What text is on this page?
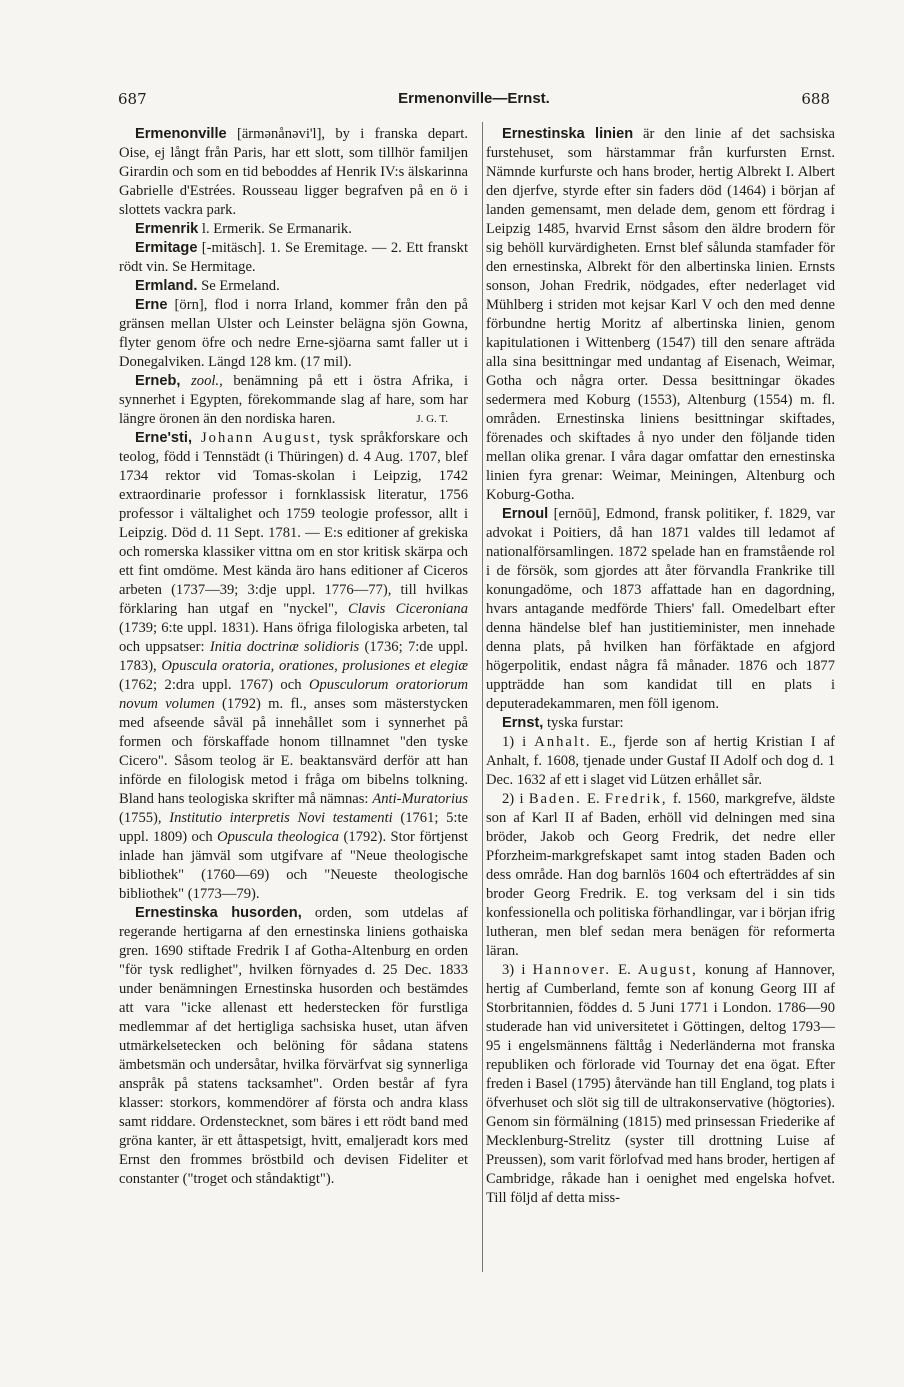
687	Ermenonville—Ernst.	688

Ermenonville [ärmənånəvi'l], by i franska depart. Oise, ej långt från Paris, har ett slott, som tillhör familjen Girardin och som en tid beboddes af Henrik IV:s älskarinna Gabrielle d'Estrées. Rousseau ligger begrafven på en ö i slottets vackra park.

Ermenrik l. Ermerik. Se Ermanarik.

Ermitage [-mitäsch]. 1. Se Eremitage. — 2. Ett franskt rödt vin. Se Hermitage.

Ermland. Se Ermeland.

Erne [örn], flod i norra Irland, kommer från den på gränsen mellan Ulster och Leinster belägna sjön Gowna, flyter genom öfre och nedre Erne-sjöarna samt faller ut i Donegalviken. Längd 128 km. (17 mil).

Erneb, zool., benämning på ett i östra Afrika, i synnerhet i Egypten, förekommande slag af hare, som har längre öronen än den nordiska haren.	J. G. T.

Erne'sti, Johann August, tysk språkforskare och teolog, född i Tennstädt (i Thüringen) d. 4 Aug. 1707, blef 1734 rektor vid Tomas-skolan i Leipzig, 1742 extraordinarie professor i fornklassisk literatur, 1756 professor i vältalighet och 1759 teologie professor, allt i Leipzig. Död d. 11 Sept. 1781. — E:s editioner af grekiska och romerska klassiker vittna om en stor kritisk skärpa och ett fint omdöme. Mest kända äro hans editioner af Ciceros arbeten (1737—39; 3:dje uppl. 1776—77), till hvilkas förklaring han utgaf en "nyckel", Clavis Ciceroniana (1739; 6:te uppl. 1831). Hans öfriga filologiska arbeten, tal och uppsatser: Initia doctrinæ solidioris (1736; 7:de uppl. 1783), Opuscula oratoria, orationes, prolusiones et elegiæ (1762; 2:dra uppl. 1767) och Opusculorum oratoriorum novum volumen (1792) m. fl., anses som mästerstycken med afseende såväl på innehållet som i synnerhet på formen och förskaffade honom tillnamnet "den tyske Cicero". Såsom teolog är E. beaktansvärd derför att han införde en filologisk metod i fråga om bibelns tolkning. Bland hans teologiska skrifter må nämnas: Anti-Muratorius (1755), Institutio interpretis Novi testamenti (1761; 5:te uppl. 1809) och Opuscula theologica (1792). Stor förtjenst inlade han jämväl som utgifvare af "Neue theologische bibliothek" (1760—69) och "Neueste theologische bibliothek" (1773—79).

Ernestinska husorden, orden, som utdelas af regerande hertigarna af den ernestinska liniens gothaiska gren. 1690 stiftade Fredrik I af Gotha-Altenburg en orden "för tysk redlighet", hvilken förnyades d. 25 Dec. 1833 under benämningen Ernestinska husorden och bestämdes att vara "icke allenast ett hederstecken för furstliga medlemmar af det hertigliga sachsiska huset, utan äfven utmärkelsetecken och belöning för sådana statens ämbetsmän och undersåtar, hvilka förvärfvat sig synnerliga anspråk på statens tacksamhet". Orden består af fyra klasser: storkors, kommendörer af första och andra klass samt riddare. Ordenstecknet, som bäres i ett rödt band med gröna kanter, är ett åttaspetsigt, hvitt, emaljeradt kors med Ernst den frommes bröstbild och devisen Fideliter et constanter ("troget och ståndaktigt").

Ernestinska linien är den linie af det sachsiska furstehuset, som härstammar från kurfursten Ernst. Nämnde kurfurste och hans broder, hertig Albrekt I. Albert den djerfve, styrde efter sin faders död (1464) i början af landen gemensamt, men delade dem, genom ett fördrag i Leipzig 1485, hvarvid Ernst såsom den äldre brodern för sig behöll kurvärdigheten. Ernst blef sålunda stamfader för den ernestinska, Albrekt för den albertinska linien. Ernsts sonson, Johan Fredrik, nödgades, efter nederlaget vid Mühlberg i striden mot kejsar Karl V och den med denne förbundne hertig Moritz af albertinska linien, genom kapitulationen i Wittenberg (1547) till den senare afträda alla sina besittningar med undantag af Eisenach, Weimar, Gotha och några orter. Dessa besittningar ökades sedermera med Koburg (1553), Altenburg (1554) m. fl. områden. Ernestinska liniens besittningar skiftades, förenades och skiftades å nyo under den följande tiden mellan olika grenar. I våra dagar omfattar den ernestinska linien fyra grenar: Weimar, Meiningen, Altenburg och Koburg-Gotha.

Ernoul [ernōū], Edmond, fransk politiker, f. 1829, var advokat i Poitiers, då han 1871 valdes till ledamot af nationalförsamlingen. 1872 spelade han en framstående rol i de försök, som gjordes att åter förvandla Frankrike till konungadöme, och 1873 affattade han en dagordning, hvars antagande medförde Thiers' fall. Omedelbart efter denna händelse blef han justitieminister, men innehade denna plats, på hvilken han förfäktade en afgjord högerpolitik, endast några få månader. 1876 och 1877 uppträdde han som kandidat till en plats i deputeradekammaren, men föll igenom.

Ernst, tyska furstar:

1) i Anhalt. E., fjerde son af hertig Kristian I af Anhalt, f. 1608, tjenade under Gustaf II Adolf och dog d. 1 Dec. 1632 af ett i slaget vid Lützen erhållet sår.

2) i Baden. E. Fredrik, f. 1560, markgrefve, äldste son af Karl II af Baden, erhöll vid delningen med sina bröder, Jakob och Georg Fredrik, det nedre eller Pforzheim-markgrefskapet samt intog staden Baden och dess område. Han dog barnlös 1604 och efterträddes af sin broder Georg Fredrik. E. tog verksam del i sin tids konfessionella och politiska förhandlingar, var i början ifrig lutheran, men blef sedan mera benägen för reformerta läran.

3) i Hannover. E. August, konung af Hannover, hertig af Cumberland, femte son af konung Georg III af Storbritannien, föddes d. 5 Juni 1771 i London. 1786—90 studerade han vid universitetet i Göttingen, deltog 1793—95 i engelsmännens fälttåg i Nederländerna mot franska republiken och förlorade vid Tournay det ena ögat. Efter freden i Basel (1795) återvände han till England, tog plats i öfverhuset och slöt sig till de ultrakonservative (högtories). Genom sin förmälning (1815) med prinsessan Friederike af Mecklenburg-Strelitz (syster till drottning Luise af Preussen), som varit förlofvad med hans broder, hertigen af Cambridge, råkade han i oenighet med engelska hofvet. Till följd af detta miss-
